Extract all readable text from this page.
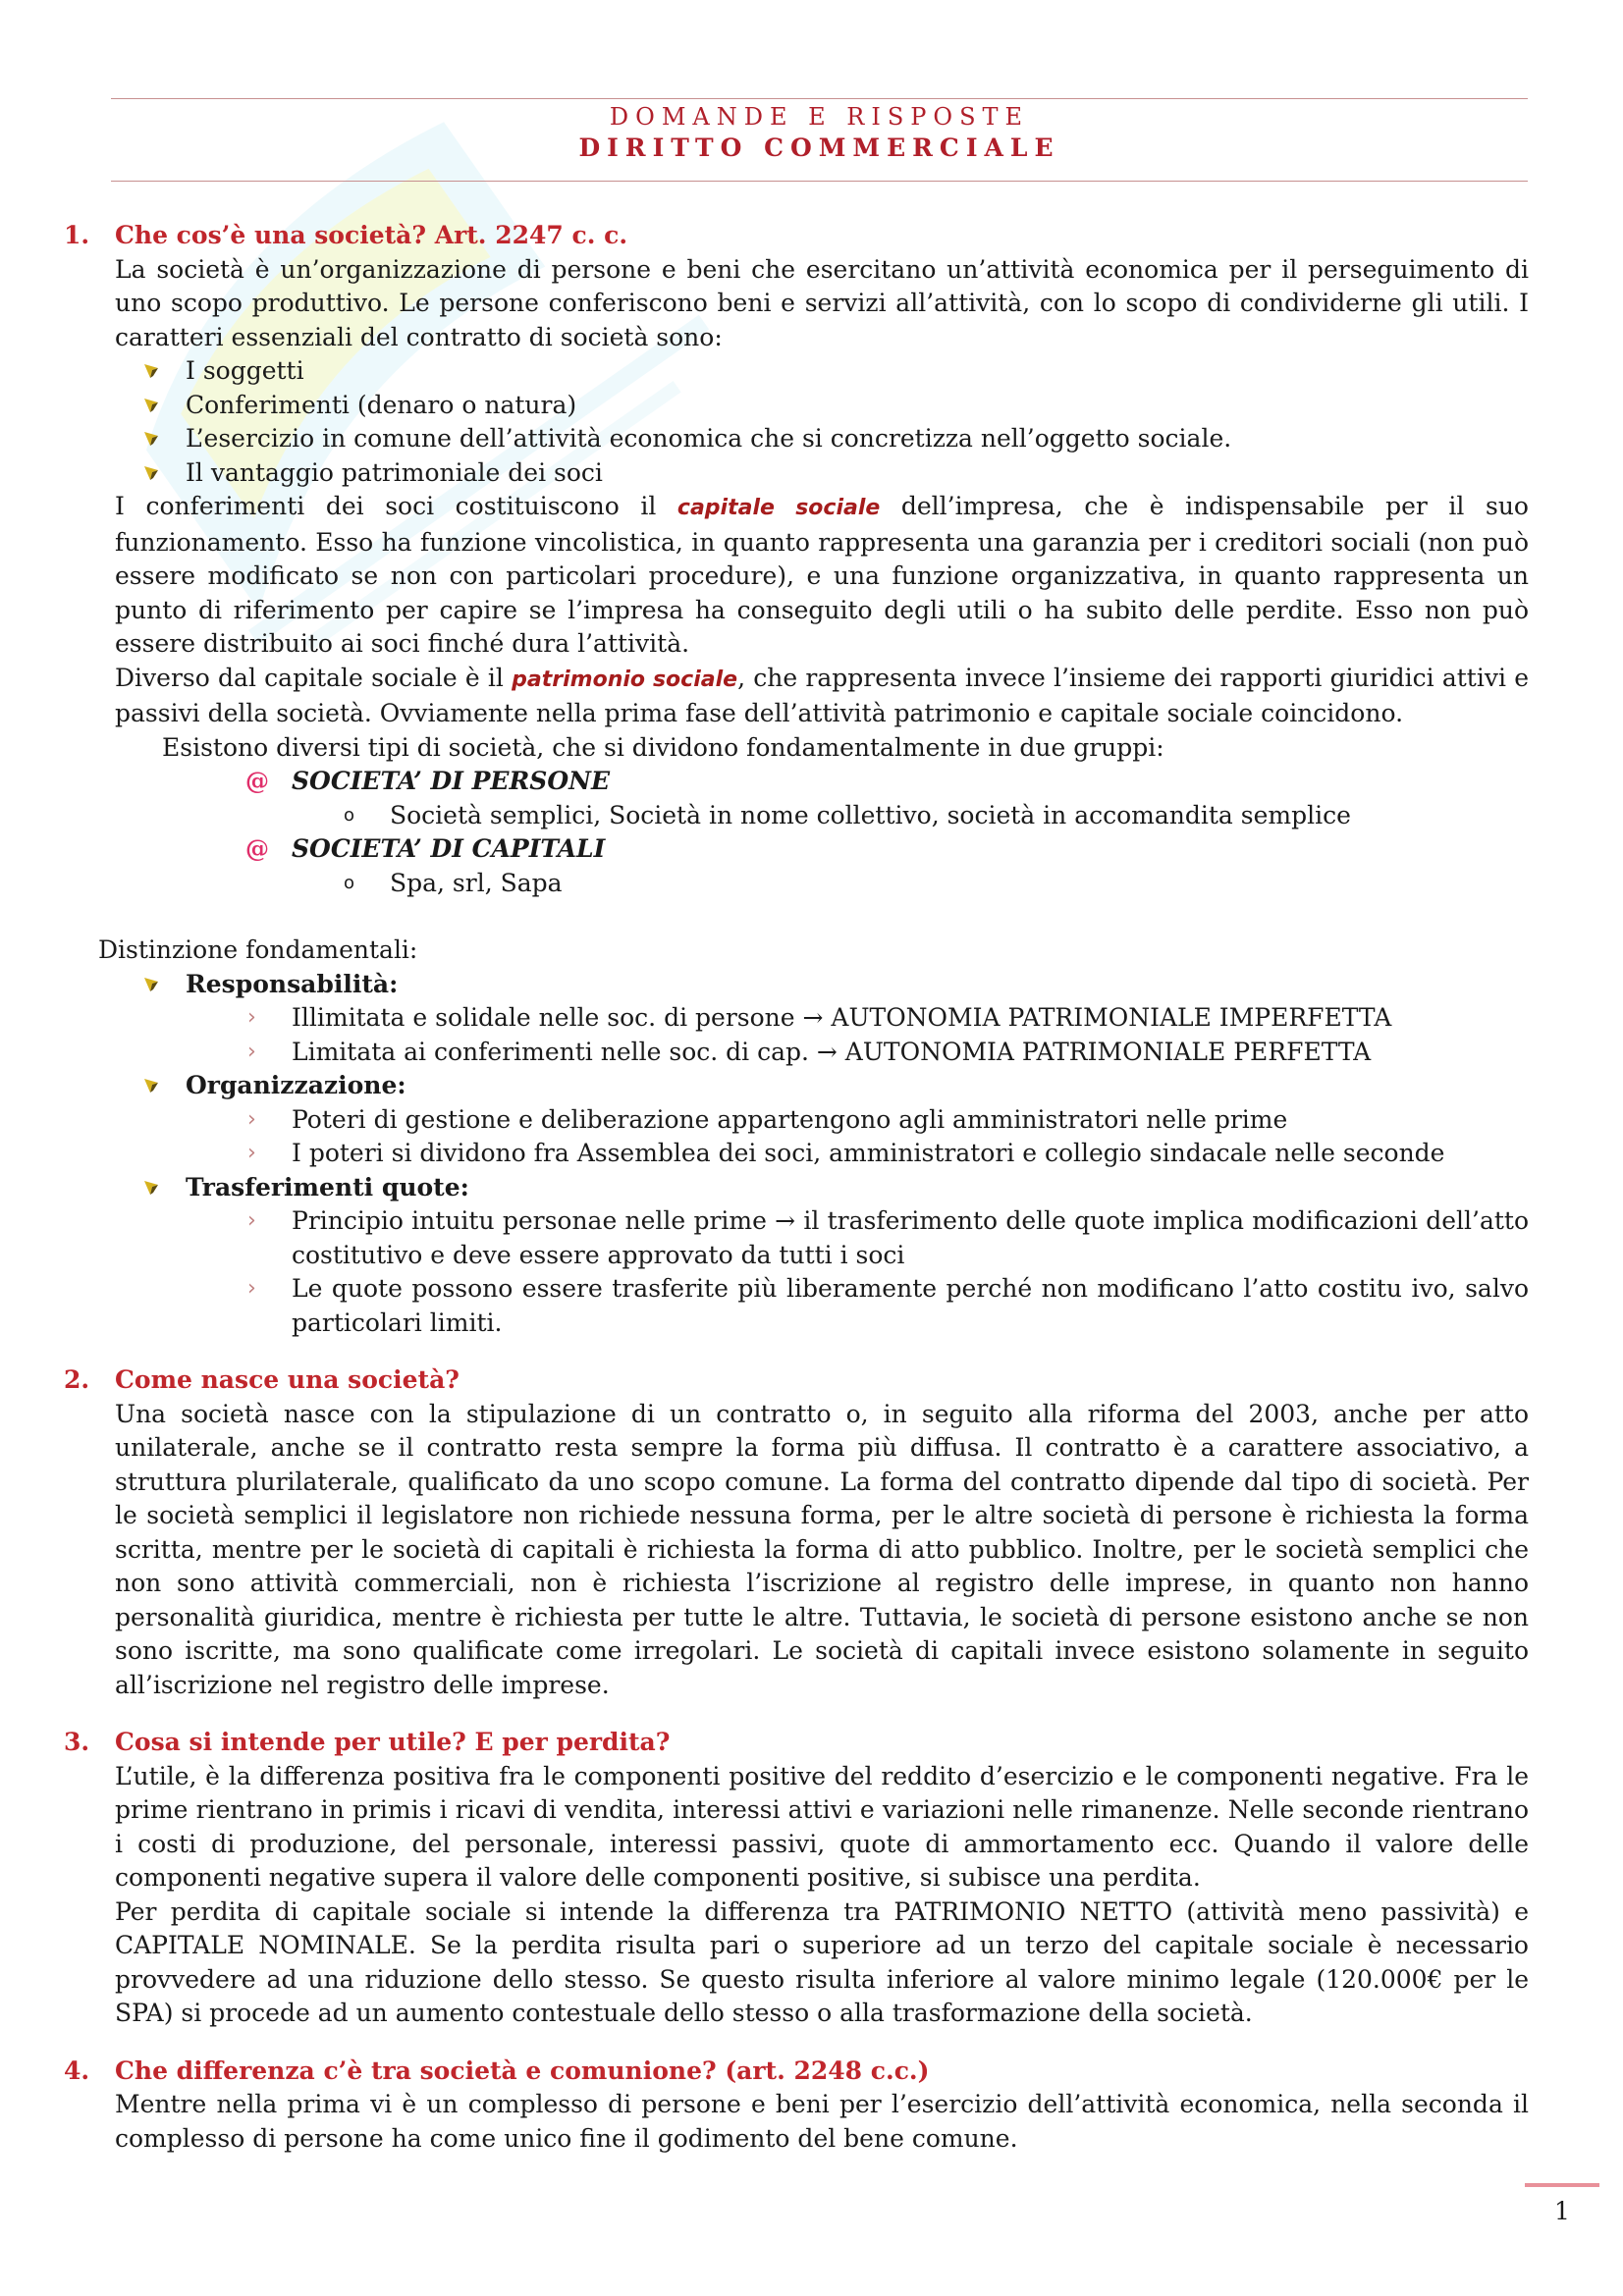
DOMANDE E RISPOSTE
DIRITTO COMMERCIALE
1. Che cos’è una società? Art. 2247 c. c.
La società è un’organizzazione di persone e beni che esercitano un’attività economica per il perseguimento di uno scopo produttivo. Le persone conferiscono beni e servizi all’attività, con lo scopo di condividerne gli utili. I caratteri essenziali del contratto di società sono:
I soggetti
Conferimenti (denaro o natura)
L’esercizio in comune dell’attività economica che si concretizza nell’oggetto sociale.
Il vantaggio patrimoniale dei soci
I conferimenti dei soci costituiscono il capitale sociale dell’impresa, che è indispensabile per il suo funzionamento. Esso ha funzione vincolistica, in quanto rappresenta una garanzia per i creditori sociali (non può essere modificato se non con particolari procedure), e una funzione organizzativa, in quanto rappresenta un punto di riferimento per capire se l’impresa ha conseguito degli utili o ha subito delle perdite. Esso non può essere distribuito ai soci finché dura l’attività.
Diverso dal capitale sociale è il patrimonio sociale, che rappresenta invece l’insieme dei rapporti giuridici attivi e passivi della società. Ovviamente nella prima fase dell’attività patrimonio e capitale sociale coincidono.
Esistono diversi tipi di società, che si dividono fondamentalmente in due gruppi:
@ SOCIETA’ DI PERSONE
o Società semplici, Società in nome collettivo, società in accomandita semplice
@ SOCIETA’ DI CAPITALI
o Spa, srl, Sapa
Distinzione fondamentali:
Responsabilità:
› Illimitata e solidale nelle soc. di persone → AUTONOMIA PATRIMONIALE IMPERFETTA
› Limitata ai conferimenti nelle soc. di cap. → AUTONOMIA PATRIMONIALE PERFETTA
Organizzazione:
› Poteri di gestione e deliberazione appartengono agli amministratori nelle prime
› I poteri si dividono fra Assemblea dei soci, amministratori e collegio sindacale nelle seconde
Trasferimenti quote:
› Principio intuitu personae nelle prime → il trasferimento delle quote implica modificazioni dell’atto costitutivo e deve essere approvato da tutti i soci
› Le quote possono essere trasferite più liberamente perché non modificano l’atto costitu ivo, salvo particolari limiti.
2. Come nasce una società?
Una società nasce con la stipulazione di un contratto o, in seguito alla riforma del 2003, anche per atto unilaterale, anche se il contratto resta sempre la forma più diffusa. Il contratto è a carattere associativo, a struttura plurilaterale, qualificato da uno scopo comune. La forma del contratto dipende dal tipo di società. Per le società semplici il legislatore non richiede nessuna forma, per le altre società di persone è richiesta la forma scritta, mentre per le società di capitali è richiesta la forma di atto pubblico. Inoltre, per le società semplici che non sono attività commerciali, non è richiesta l’iscrizione al registro delle imprese, in quanto non hanno personalità giuridica, mentre è richiesta per tutte le altre. Tuttavia, le società di persone esistono anche se non sono iscritte, ma sono qualificate come irregolari. Le società di capitali invece esistono solamente in seguito all’iscrizione nel registro delle imprese.
3. Cosa si intende per utile? E per perdita?
L’utile, è la differenza positiva fra le componenti positive del reddito d’esercizio e le componenti negative. Fra le prime rientrano in primis i ricavi di vendita, interessi attivi e variazioni nelle rimanenze. Nelle seconde rientrano i costi di produzione, del personale, interessi passivi, quote di ammortamento ecc. Quando il valore delle componenti negative supera il valore delle componenti positive, si subisce una perdita.
Per perdita di capitale sociale si intende la differenza tra PATRIMONIO NETTO (attività meno passività) e CAPITALE NOMINALE. Se la perdita risulta pari o superiore ad un terzo del capitale sociale è necessario provvedere ad una riduzione dello stesso. Se questo risulta inferiore al valore minimo legale (120.000€ per le SPA) si procede ad un aumento contestuale dello stesso o alla trasformazione della società.
4. Che differenza c’è tra società e comunione? (art. 2248 c.c.)
Mentre nella prima vi è un complesso di persone e beni per l’esercizio dell’attività economica, nella seconda il complesso di persone ha come unico fine il godimento del bene comune.
1
